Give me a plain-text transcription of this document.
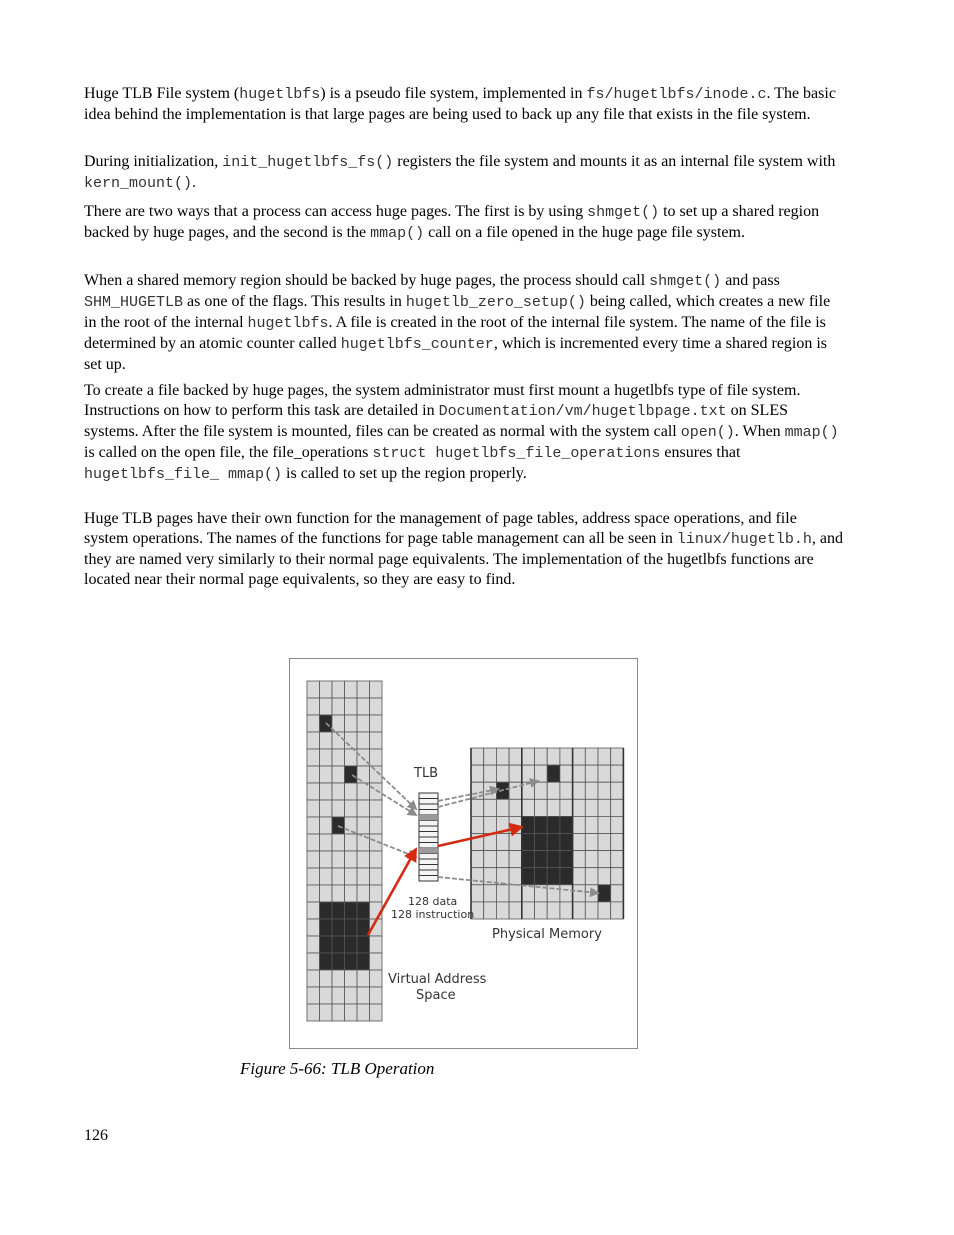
Huge TLB File system (hugetlbfs) is a pseudo file system, implemented in fs/hugetlbfs/inode.c. The basic idea behind the implementation is that large pages are being used to back up any file that exists in the file system.

During initialization, init_hugetlbfs_fs() registers the file system and mounts it as an internal file system with kern_mount().

There are two ways that a process can access huge pages. The first is by using shmget() to set up a shared region backed by huge pages, and the second is the mmap() call on a file opened in the huge page file system.

When a shared memory region should be backed by huge pages, the process should call shmget() and pass SHM_HUGETLB as one of the flags. This results in hugetlb_zero_setup() being called, which creates a new file in the root of the internal hugetlbfs. A file is created in the root of the internal file system. The name of the file is determined by an atomic counter called hugetlbfs_counter, which is incremented every time a shared region is set up.

To create a file backed by huge pages, the system administrator must first mount a hugetlbfs type of file system. Instructions on how to perform this task are detailed in Documentation/vm/hugetlbpage.txt on SLES systems. After the file system is mounted, files can be created as normal with the system call open(). When mmap() is called on the open file, the file_operations struct hugetlbfs_file_operations ensures that hugetlbfs_file_ mmap() is called to set up the region properly.

Huge TLB pages have their own function for the management of page tables, address space operations, and file system operations. The names of the functions for page table management can all be seen in linux/hugetlb.h, and they are named very similarly to their normal page equivalents. The implementation of the hugetlbfs functions are located near their normal page equivalents, so they are easy to find.

TLB
128 data
128 instruction
Physical Memory
Virtual Address
Space
Figure 5-66: TLB Operation
126
